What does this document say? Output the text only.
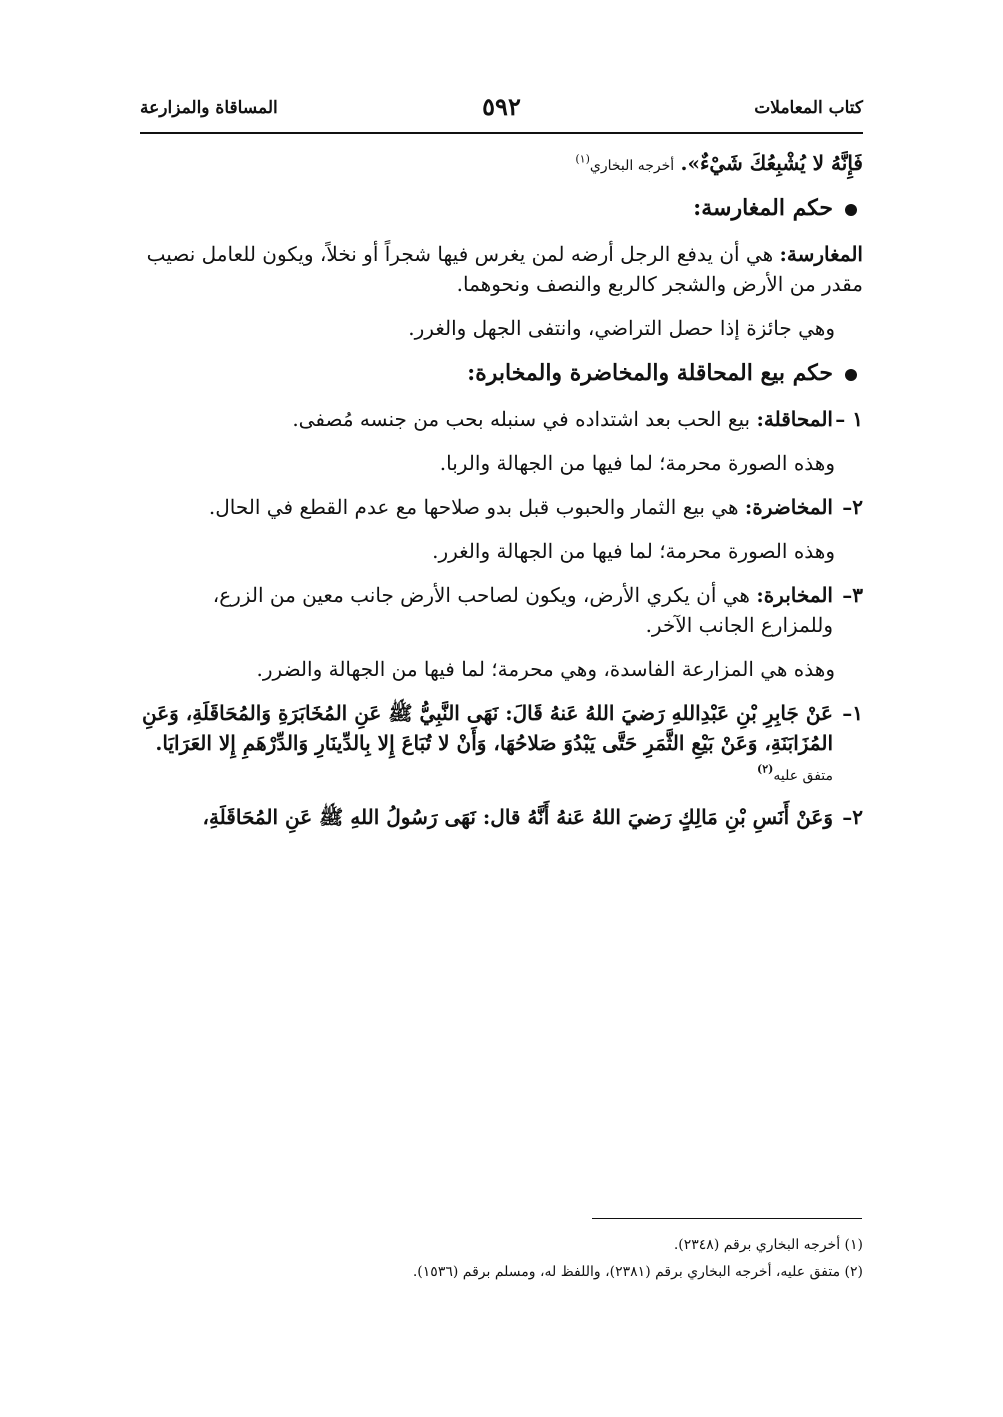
كتاب المعاملات
٥٩٢
المساقاة والمزارعة

فَإِنَّهُ لا يُشْبِعُكَ شَيْءٌ». أخرجه البخاري$^{(١)}$

حكم المغارسة:

المغارسة: هي أن يدفع الرجل أرضه لمن يغرس فيها شجراً أو نخلاً، ويكون للعامل نصيب مقدر من الأرض والشجر كالربع والنصف ونحوهما.

وهي جائزة إذا حصل التراضي، وانتفى الجهل والغرر.

حكم بيع المحاقلة والمخاضرة والمخابرة:

١ –
المحاقلة: بيع الحب بعد اشتداده في سنبله بحب من جنسه مُصفى.

وهذه الصورة محرمة؛ لما فيها من الجهالة والربا.

٢–
المخاضرة: هي بيع الثمار والحبوب قبل بدو صلاحها مع عدم القطع في الحال.

وهذه الصورة محرمة؛ لما فيها من الجهالة والغرر.

٣–
المخابرة: هي أن يكري الأرض، ويكون لصاحب الأرض جانب معين من الزرع، وللمزارع الجانب الآخر.

وهذه هي المزارعة الفاسدة، وهي محرمة؛ لما فيها من الجهالة والضرر.

١–
عَنْ جَابِرِ بْنِ عَبْدِاللهِ رَضيَ اللهُ عَنهُ قَالَ: نَهَى النَّبِيُّ ﷺ عَنِ المُخَابَرَةِ وَالمُحَاقَلَةِ، وَعَنِ المُزَابَنَةِ، وَعَنْ بَيْعِ الثَّمَرِ حَتَّى يَبْدُوَ صَلاحُهَا، وَأَنْ لا تُبَاعَ إِلا بِالدِّينَارِ وَالدِّرْهَمِ إِلا العَرَايَا. متفق عليه$^{(٢)}$
٢–
وَعَنْ أَنَسِ بْنِ مَالِكٍ رَضيَ اللهُ عَنهُ أَنَّهُ قال: نَهَى رَسُولُ اللهِ ﷺ عَنِ المُحَاقَلَةِ،
(١) أخرجه البخاري برقم (٢٣٤٨).
(٢) متفق عليه، أخرجه البخاري برقم (٢٣٨١)، واللفظ له، ومسلم برقم (١٥٣٦).
